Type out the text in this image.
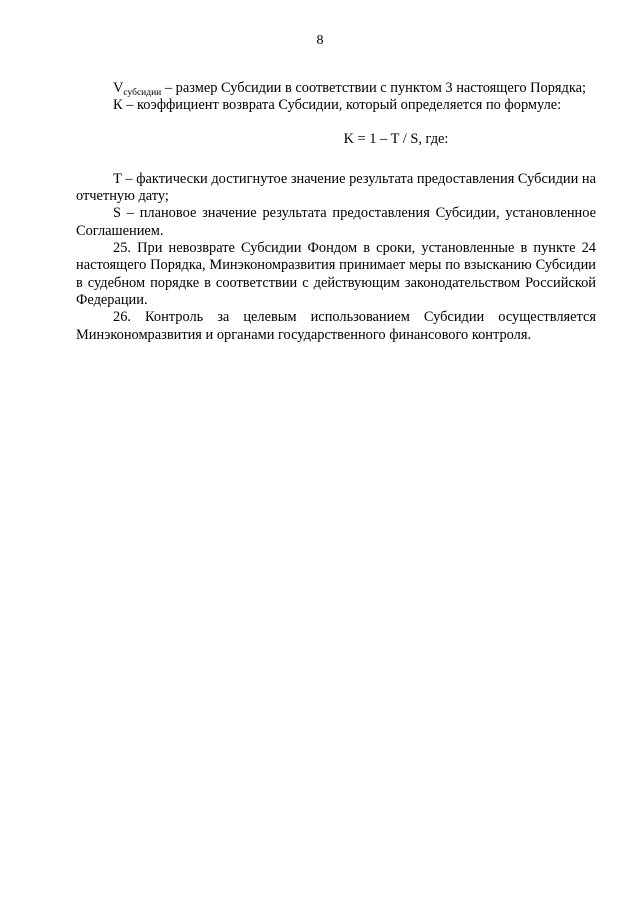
8

$V_{субсидии}$ – размер Субсидии в соответствии с пунктом 3 настоящего Порядка;

К – коэффициент возврата Субсидии, который определяется по формуле:

K = 1 – T / S, где:

Т – фактически достигнутое значение результата предоставления Субсидии на отчетную дату;

S – плановое значение результата предоставления Субсидии, установленное Соглашением.

25. При невозврате Субсидии Фондом в сроки, установленные в пункте 24 настоящего Порядка, Минэкономразвития принимает меры по взысканию Субсидии в судебном порядке в соответствии с действующим законодательством Российской Федерации.

26. Контроль за целевым использованием Субсидии осуществляется Минэкономразвития и органами государственного финансового контроля.
